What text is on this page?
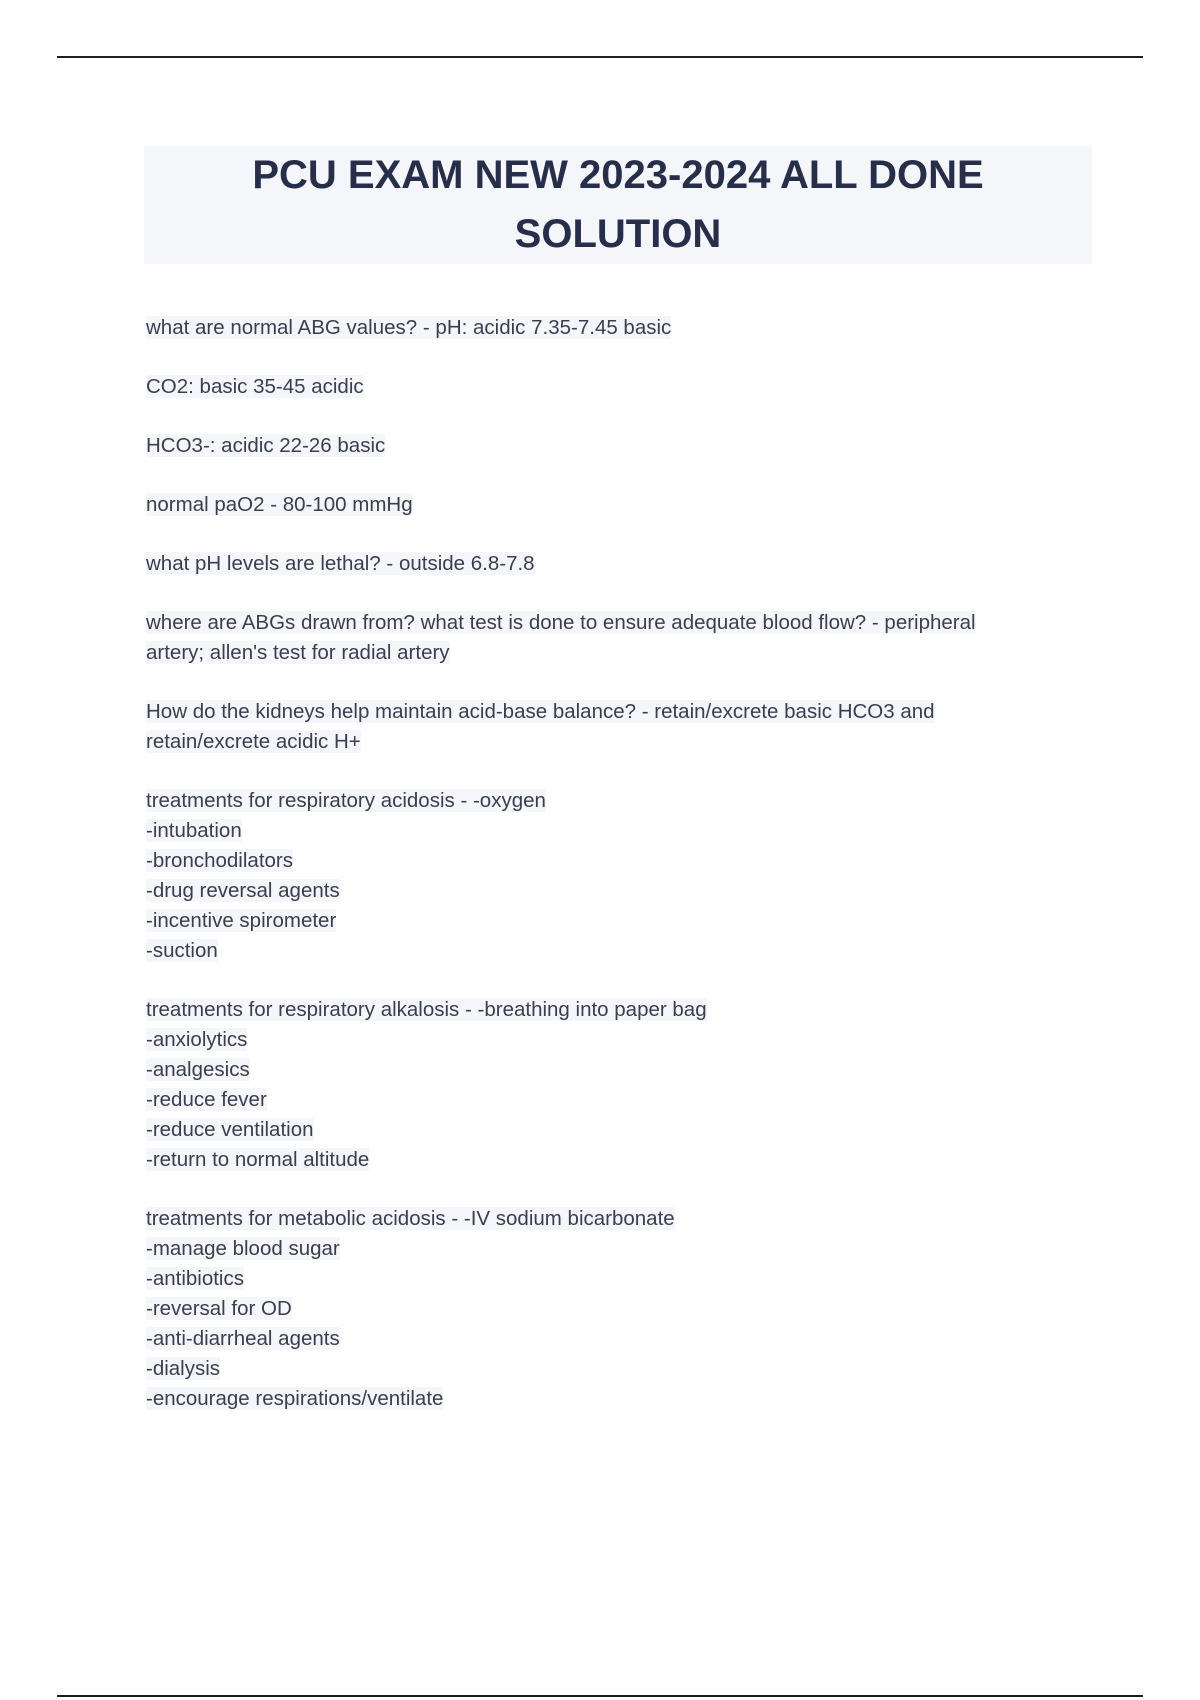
PCU EXAM NEW 2023-2024 ALL DONE
SOLUTION

what are normal ABG values? - pH: acidic 7.35-7.45 basic

CO2: basic 35-45 acidic

HCO3-: acidic 22-26 basic

normal paO2 - 80-100 mmHg

what pH levels are lethal? - outside 6.8-7.8

where are ABGs drawn from? what test is done to ensure adequate blood flow? - peripheral
artery; allen's test for radial artery

How do the kidneys help maintain acid-base balance? - retain/excrete basic HCO3 and
retain/excrete acidic H+

treatments for respiratory acidosis - -oxygen
-intubation
-bronchodilators
-drug reversal agents
-incentive spirometer
-suction

treatments for respiratory alkalosis - -breathing into paper bag
-anxiolytics
-analgesics
-reduce fever
-reduce ventilation
-return to normal altitude

treatments for metabolic acidosis - -IV sodium bicarbonate
-manage blood sugar
-antibiotics
-reversal for OD
-anti-diarrheal agents
-dialysis
-encourage respirations/ventilate
